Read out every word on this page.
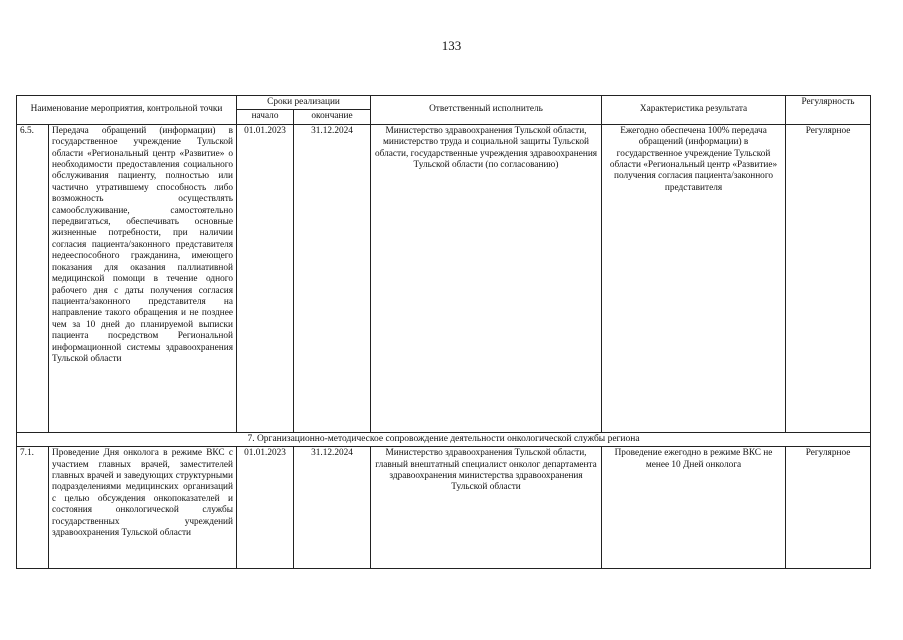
133
Наименование мероприятия, контрольной точки		Сроки реализации		Ответственный исполнитель	Характеристика результата	Регулярность
		начало	окончание			
6.5.	Передача обращений (информации) в государственное учреждение Тульской области «Региональный центр «Развитие» о необходимости предоставления социального обслуживания пациенту, полностью или частично утратившему способность либо возможность осуществлять самообслуживание, самостоятельно передвигаться, обеспечивать основные жизненные потребности, при наличии согласия пациента/законного представителя недееспособного гражданина, имеющего показания для оказания паллиативной медицинской помощи в течение одного рабочего дня с даты получения согласия пациента/законного представителя на направление такого обращения и не позднее чем за 10 дней до планируемой выписки пациента посредством Региональной информационной системы здравоохранения Тульской области	01.01.2023	31.12.2024	Министерство здравоохранения Тульской области, министерство труда и социальной защиты Тульской области, государственные учреждения здравоохранения Тульской области (по согласованию)	Ежегодно обеспечена 100% передача обращений (информации) в государственное учреждение Тульской области «Региональный центр «Развитие» получения согласия пациента/законного представителя	Регулярное
7. Организационно-методическое сопровождение деятельности онкологической службы региона						
7.1.	Проведение Дня онколога в режиме ВКС с участием главных врачей, заместителей главных врачей и заведующих структурными подразделениями медицинских организаций с целью обсуждения онкопоказателей и состояния онкологической службы государственных учреждений здравоохранения Тульской области	01.01.2023	31.12.2024	Министерство здравоохранения Тульской области, главный внештатный специалист онколог департамента здравоохранения министерства здравоохранения Тульской области	Проведение ежегодно в режиме ВКС не менее 10 Дней онколога	Регулярное
